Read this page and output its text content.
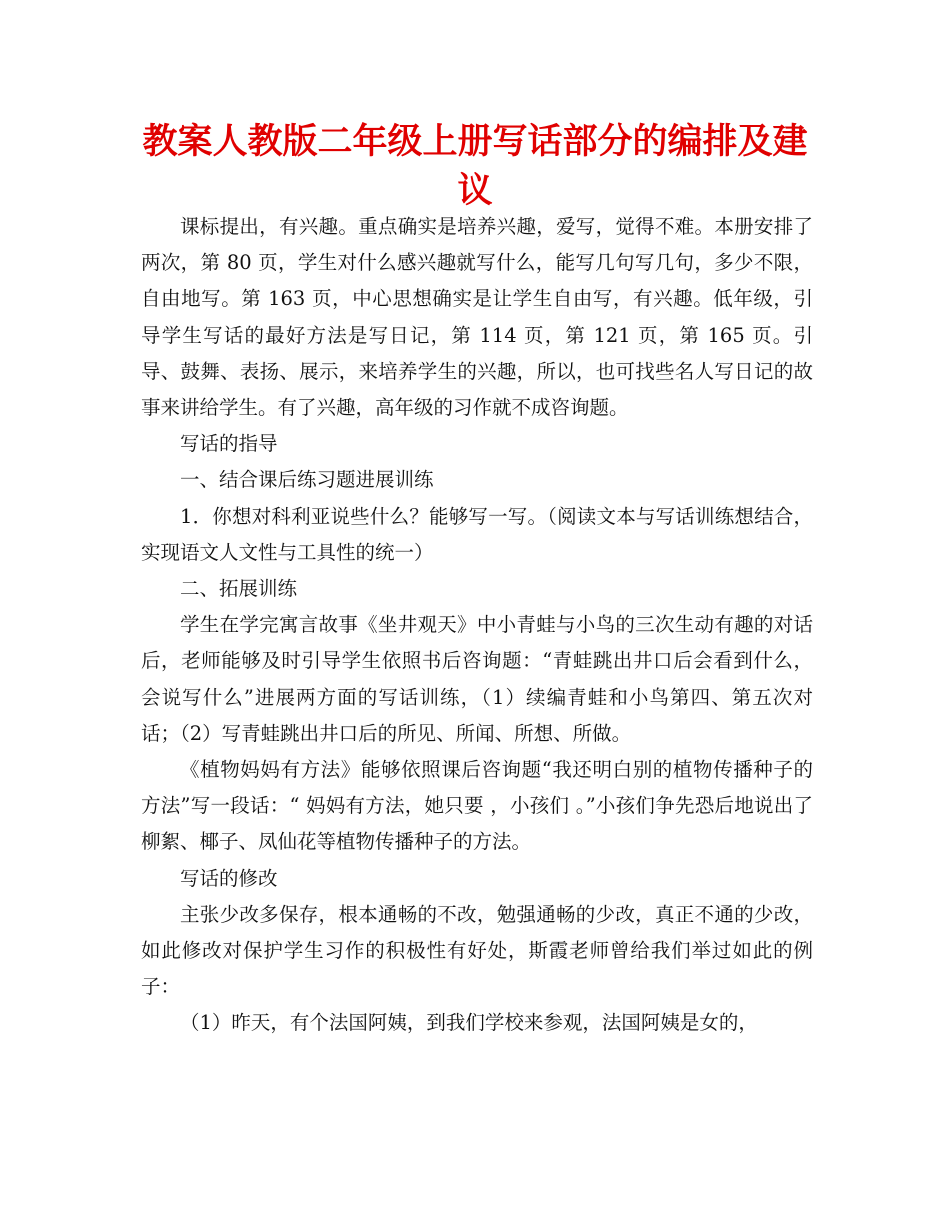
教案人教版二年级上册写话部分的编排及建议

课标提出，有兴趣。重点确实是培养兴趣，爱写，觉得不难。本册安排了两次，第 80 页，学生对什么感兴趣就写什么，能写几句写几句，多少不限，自由地写。第 163 页，中心思想确实是让学生自由写，有兴趣。低年级，引导学生写话的最好方法是写日记，第 114 页，第 121 页，第 165 页。引导、鼓舞、表扬、展示，来培养学生的兴趣，所以，也可找些名人写日记的故事来讲给学生。有了兴趣，高年级的习作就不成咨询题。

写话的指导

一、结合课后练习题进展训练

1．你想对科利亚说些什么？能够写一写。（阅读文本与写话训练想结合，实现语文人文性与工具性的统一）

二、拓展训练

学生在学完寓言故事《坐井观天》中小青蛙与小鸟的三次生动有趣的对话后，老师能够及时引导学生依照书后咨询题：“青蛙跳出井口后会看到什么，会说写什么”进展两方面的写话训练，（1）续编青蛙和小鸟第四、第五次对话；（2）写青蛙跳出井口后的所见、所闻、所想、所做。

《植物妈妈有方法》能够依照课后咨询题“我还明白别的植物传播种子的方法”写一段话：“ 妈妈有方法，她只要 ，小孩们 。”小孩们争先恐后地说出了柳絮、椰子、凤仙花等植物传播种子的方法。

写话的修改

主张少改多保存，根本通畅的不改，勉强通畅的少改，真正不通的少改，如此修改对保护学生习作的积极性有好处，斯霞老师曾给我们举过如此的例子：

（1）昨天，有个法国阿姨，到我们学校来参观，法国阿姨是女的，
